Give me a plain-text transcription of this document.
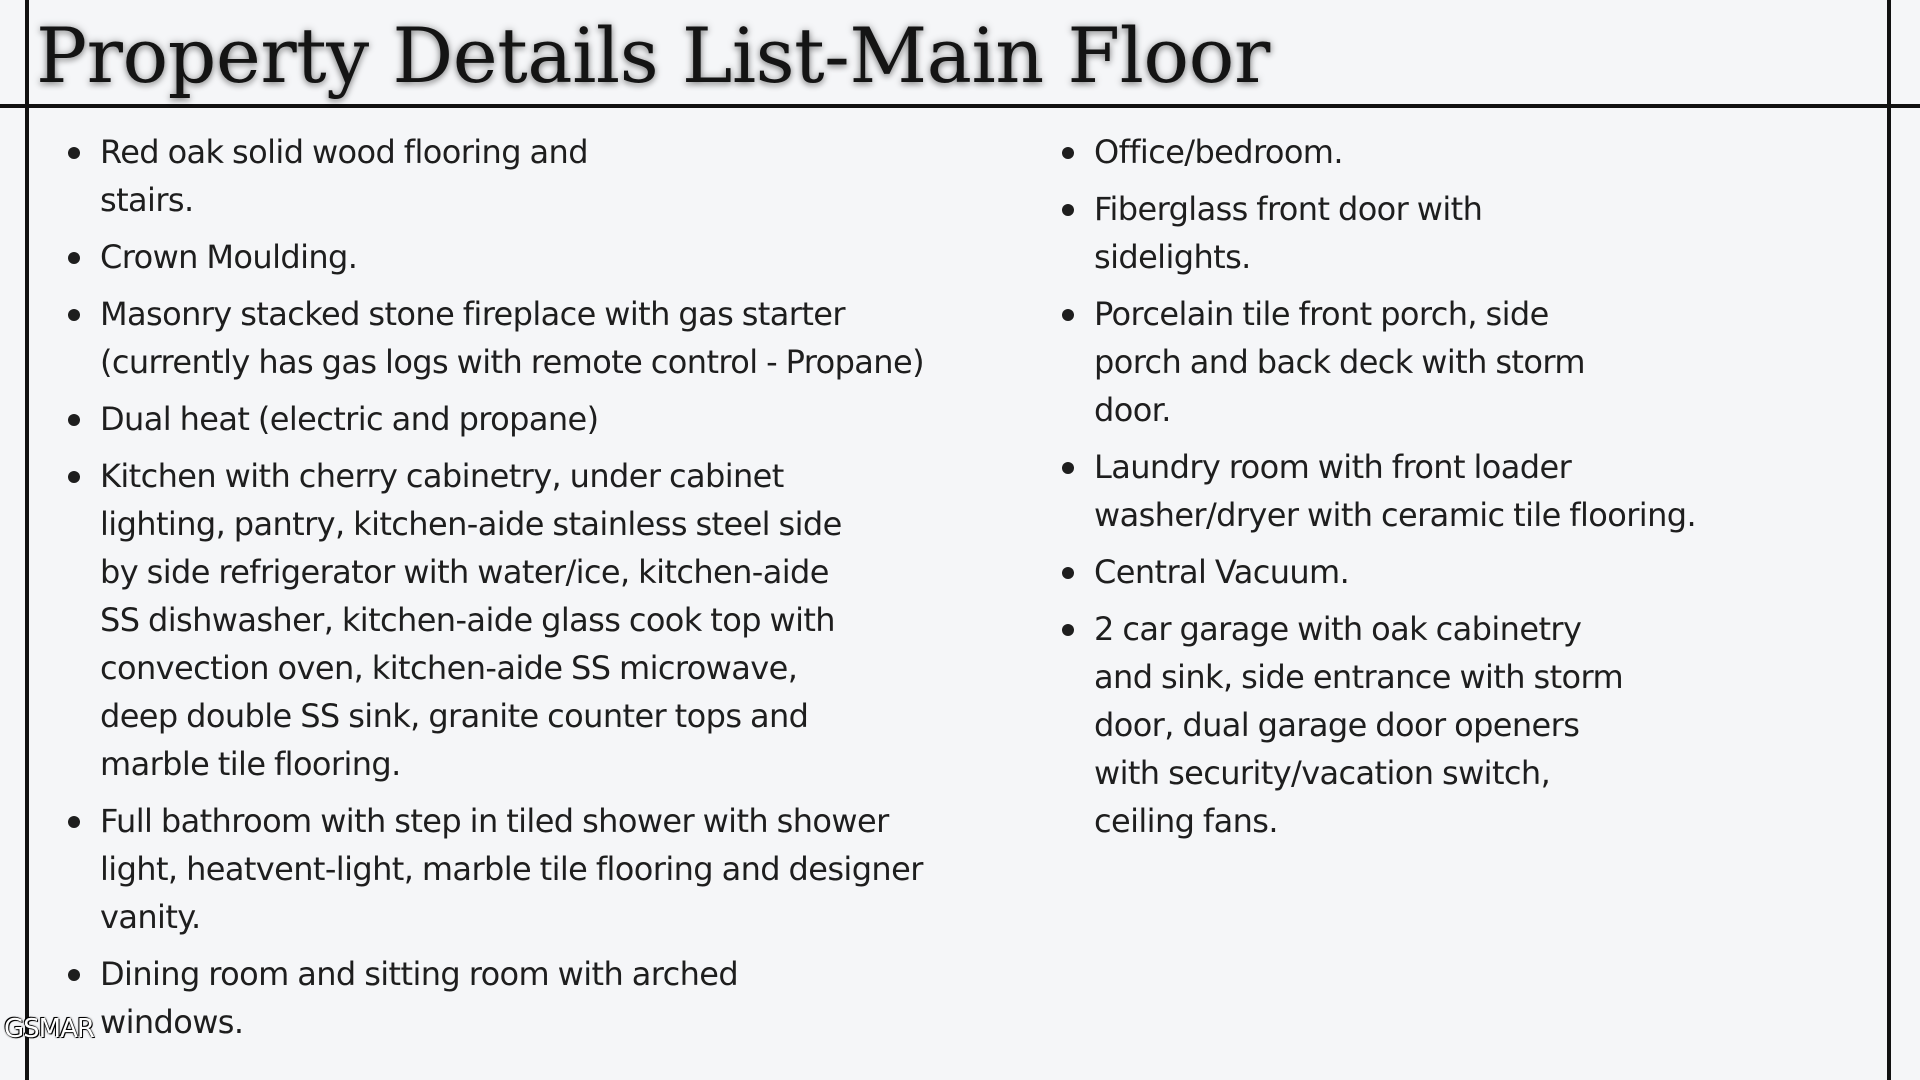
Property Details List-Main Floor
Red oak solid wood flooring and
stairs.
Crown Moulding.
Masonry stacked stone fireplace with gas starter
(currently has gas logs with remote control - Propane)
Dual heat (electric and propane)
Kitchen with cherry cabinetry, under cabinet
lighting, pantry, kitchen-aide stainless steel side
by side refrigerator with water/ice, kitchen-aide
SS dishwasher, kitchen-aide glass cook top with
convection oven, kitchen-aide SS microwave,
deep double SS sink, granite counter tops and
marble tile flooring.
Full bathroom with step in tiled shower with shower
light, heatvent-light, marble tile flooring and designer
vanity.
Dining room and sitting room with arched
windows.
Office/bedroom.
Fiberglass front door with
sidelights.
Porcelain tile front porch, side
porch and back deck with storm
door.
Laundry room with front loader
washer/dryer with ceramic tile flooring.
Central Vacuum.
2 car garage with oak cabinetry
and sink, side entrance with storm
door, dual garage door openers
with security/vacation switch,
ceiling fans.
GSMAR
